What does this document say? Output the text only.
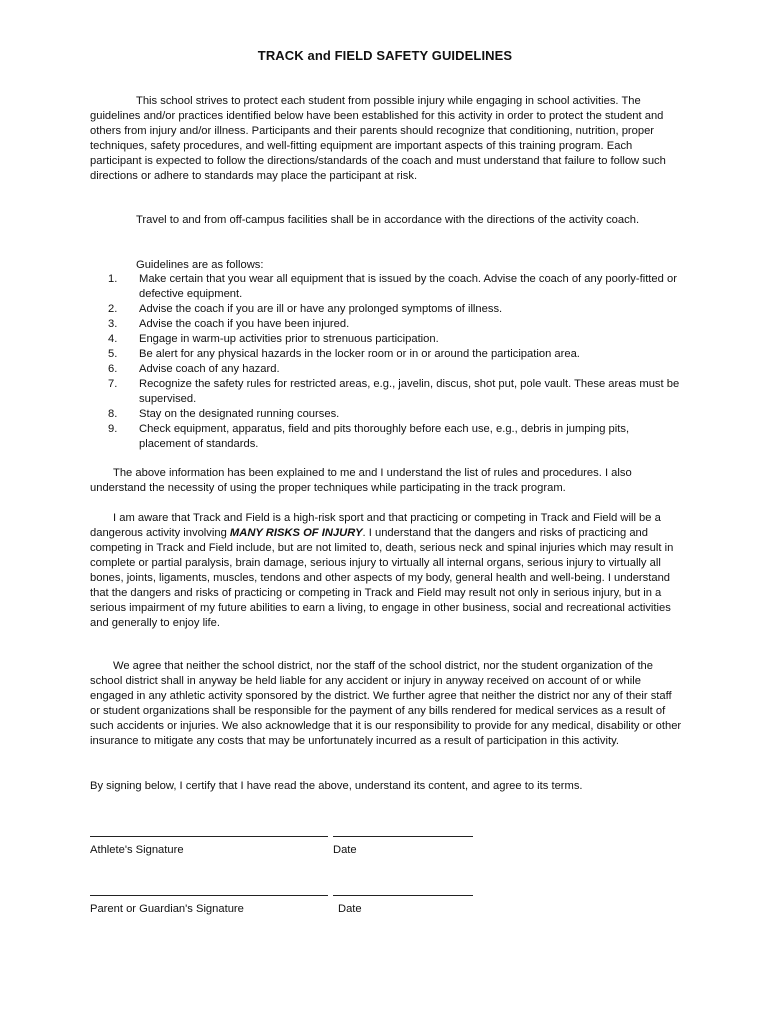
TRACK and FIELD SAFETY GUIDELINES

This school strives to protect each student from possible injury while engaging in school activities. The guidelines and/or practices identified below have been established for this activity in order to protect the student and others from injury and/or illness. Participants and their parents should recognize that conditioning, nutrition, proper techniques, safety procedures, and well-fitting equipment are important aspects of this training program. Each participant is expected to follow the directions/standards of the coach and must understand that failure to follow such directions or adhere to standards may place the participant at risk.

Travel to and from off-campus facilities shall be in accordance with the directions of the activity coach.

Guidelines are as follows:
1.	Make certain that you wear all equipment that is issued by the coach. Advise the coach of any poorly-fitted or defective equipment.
2.	Advise the coach if you are ill or have any prolonged symptoms of illness.
3.	Advise the coach if you have been injured.
4.	Engage in warm-up activities prior to strenuous participation.
5.	Be alert for any physical hazards in the locker room or in or around the participation area.
6.	Advise coach of any hazard.
7.	Recognize the safety rules for restricted areas, e.g., javelin, discus, shot put, pole vault. These areas must be supervised.
8.	Stay on the designated running courses.
9.	Check equipment, apparatus, field and pits thoroughly before each use, e.g., debris in jumping pits, placement of standards.

The above information has been explained to me and I understand the list of rules and procedures. I also understand the necessity of using the proper techniques while participating in the track program.

I am aware that Track and Field is a high-risk sport and that practicing or competing in Track and Field will be a dangerous activity involving MANY RISKS OF INJURY. I understand that the dangers and risks of practicing and competing in Track and Field include, but are not limited to, death, serious neck and spinal injuries which may result in complete or partial paralysis, brain damage, serious injury to virtually all internal organs, serious injury to virtually all bones, joints, ligaments, muscles, tendons and other aspects of my body, general health and well-being. I understand that the dangers and risks of practicing or competing in Track and Field may result not only in serious injury, but in a serious impairment of my future abilities to earn a living, to engage in other business, social and recreational activities and generally to enjoy life.

We agree that neither the school district, nor the staff of the school district, nor the student organization of the school district shall in anyway be held liable for any accident or injury in anyway received on account of or while engaged in any athletic activity sponsored by the district. We further agree that neither the district nor any of their staff or student organizations shall be responsible for the payment of any bills rendered for medical services as a result of such accidents or injuries. We also acknowledge that it is our responsibility to provide for any medical, disability or other insurance to mitigate any costs that may be unfortunately incurred as a result of participation in this activity.

By signing below, I certify that I have read the above, understand its content, and agree to its terms.

Athlete's Signature	Date
Parent or Guardian's Signature	Date
